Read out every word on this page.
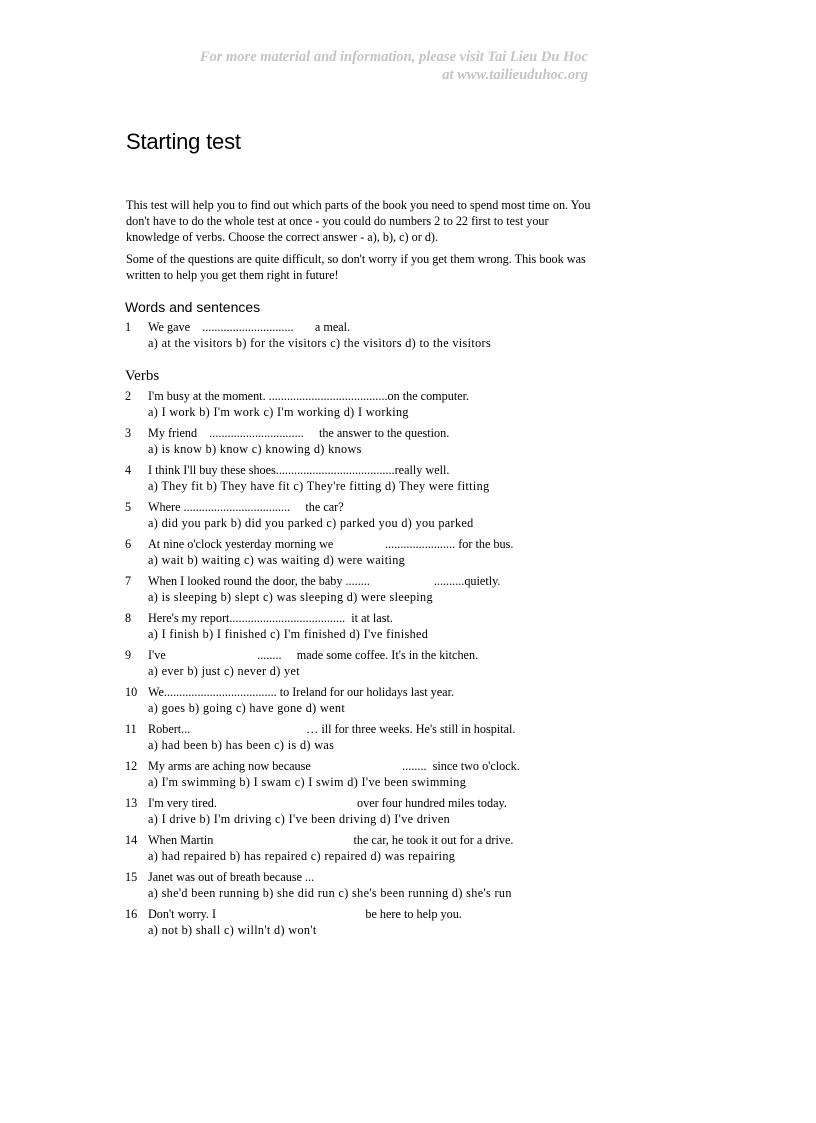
For more material and information, please visit Tai Lieu Du Hoc
at www.tailieuduhoc.org
Starting test

This test will help you to find out which parts of the book you need to spend most time on. You don't have to do the whole test at once - you could do numbers 2 to 22 first to test your knowledge of verbs. Choose the correct answer - a), b), c) or d).

Some of the questions are quite difficult, so don't worry if you get them wrong. This book was written to help you get them right in future!

Words and sentences
1 We gave    ..............................       a meal.
a) at the visitors b) for the visitors c) the visitors d) to the visitors
Verbs
2 I'm busy at the moment. .......................................on the computer.
a) I work b) I'm work c) I'm working d) I working
3 My friend    ...............................     the answer to the question.
a) is know b) know c) knowing d) knows
4 I think I'll buy these shoes.......................................really well.
a) They fit b) They have fit c) They're fitting d) They were fitting
5 Where ...................................     the car?
a) did you park b) did you parked c) parked you d) you parked
6 At nine o'clock yesterday morning we                 ....................... for the bus.
a) wait b) waiting c) was waiting d) were waiting
7 When I looked round the door, the baby ........                     ..........quietly.
a) is sleeping b) slept c) was sleeping d) were sleeping
8 Here's my report......................................  it at last.
a) I finish b) I finished c) I'm finished d) I've finished
9 I've                              ........     made some coffee. It's in the kitchen.
a) ever b) just c) never d) yet
10 We..................................... to Ireland for our holidays last year.
a) goes b) going c) have gone d) went
11 Robert...                                      … ill for three weeks. He's still in hospital.
a) had been b) has been c) is d) was
12 My arms are aching now because                              ........  since two o'clock.
a) I'm swimming b) I swam c) I swim d) I've been swimming
13 I'm very tired.                                              over four hundred miles today.
a) I drive b) I'm driving c) I've been driving d) I've driven
14 When Martin                                              the car, he took it out for a drive.
a) had repaired b) has repaired c) repaired d) was repairing
15 Janet was out of breath because ...
a) she'd been running b) she did run c) she's been running d) she's run
16 Don't worry. I                                                 be here to help you.
a) not b) shall c) willn't d) won't
